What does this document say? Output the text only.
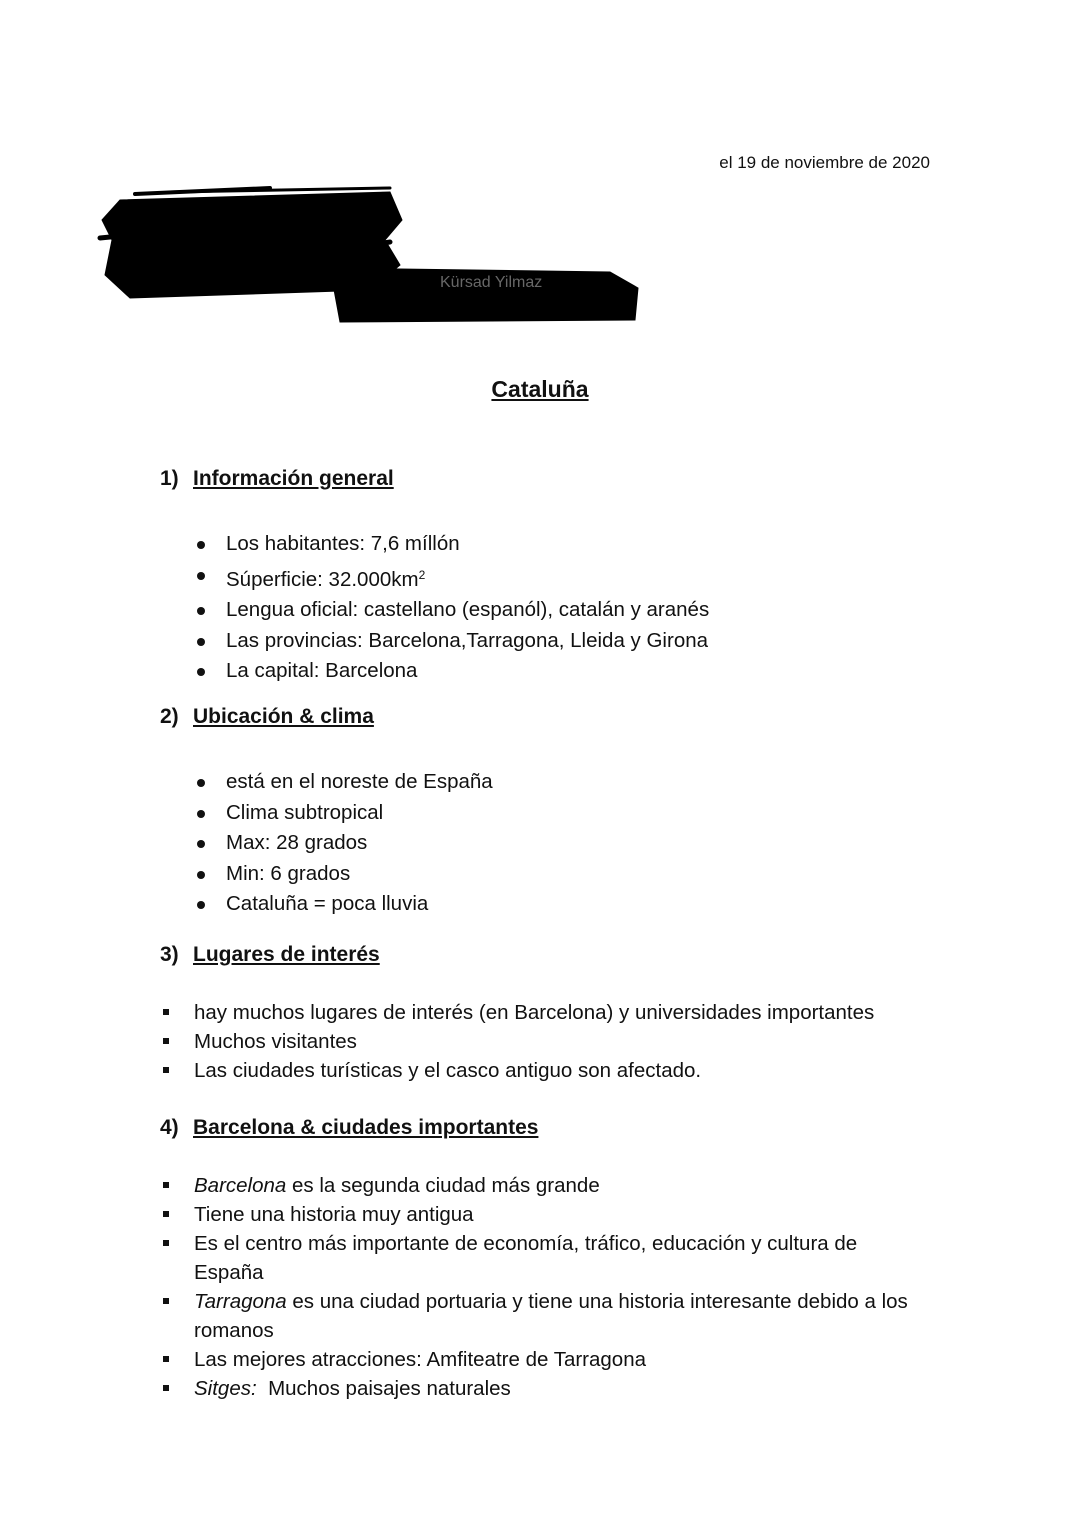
el 19 de noviembre de 2020
Kürsad Yilmaz
Cataluña
1) Información general
Los habitantes: 7,6 míllón
Súperficie: $32.000km^2$
Lengua oficial: castellano (espanól), catalán y aranés
Las provincias: Barcelona,Tarragona, Lleida y Girona
La capital: Barcelona
2) Ubicación & clima
está en el noreste de España
Clima subtropical
Max: 28 grados
Min: 6 grados
Cataluña = poca lluvia
3) Lugares de interés
hay muchos lugares de interés (en Barcelona) y universidades importantes
Muchos visitantes
Las ciudades turísticas y el casco antiguo son afectado.
4) Barcelona & ciudades importantes
Barcelona es la segunda ciudad más grande
Tiene una historia muy antigua
Es el centro más importante de economía, tráfico, educación y cultura de España
Tarragona es una ciudad portuaria y tiene una historia interesante debido a los romanos
Las mejores atracciones: Amfiteatre de Tarragona
Sitges:  Muchos paisajes naturales
